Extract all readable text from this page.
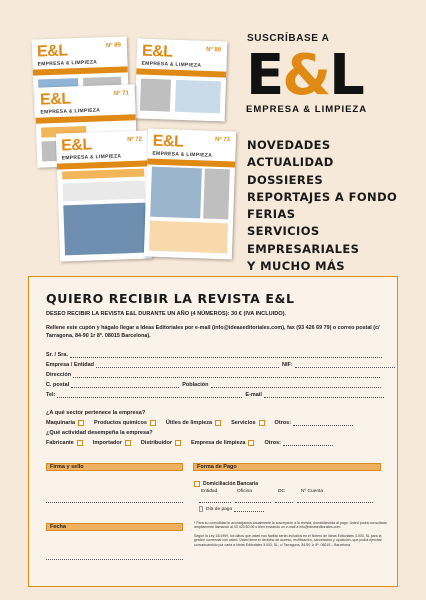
E&L
EMPRESA & LIMPIEZA
Nº 89 E&L
EMPRESA & LIMPIEZA
Nº 88
E&L
EMPRESA & LIMPIEZA
Nº 71
E&L
EMPRESA & LIMPIEZA
Nº 72 E&L
EMPRESA & LIMPIEZA
Nº 73
SUSCRÍBASE A
E&L
EMPRESA & LIMPIEZA
NOVEDADES
ACTUALIDAD
DOSSIERES
REPORTAJES A FONDO
FERIAS
SERVICIOS EMPRESARIALES
Y MUCHO MÁS
QUIERO RECIBIR LA REVISTA E&L
DESEO RECIBIR LA REVISTA E&L DURANTE UN AÑO (4 NÚMEROS): 30 € (IVA INCLUIDO).
Rellene este cupón y hágalo llegar a Ideas Editoriales por e-mail (info@ideaseditoriales.com), fax (93 426 69 79) o correo postal (c/ Tarragona, 84-90 1r 8ª. 08015 Barcelona).
Sr. / Sra.
Empresa / Entidad	NIF:
Dirección
C. postal	Población
Tel:	E-mail
¿A qué sector pertenece la empresa?
Maquinaria	Productos químicos	Útiles de limpieza	Servicios	Otros:
¿Qué actividad desempeña la empresa?
Fabricante	Importador	Distribuidor	Empresa de limpieza	Otros:
Firma y sello	Forma de Pago
Domiciliación Bancaria
Entidad	Oficina	DC	Nº Cuenta
Día de pago
* Para su comodidad le aconsejamos anualmente la suscripción a la revista, domiciliándola al pago. Usted podrá consultarla ampliamente llamando al 93 423 80 06 o bien enviando un e-mail a info@ideaseditoriales.com
Según la Ley 15/1999, los datos que usted nos facilita serán incluidos en el fichero de Ideas Editoriales 3.003, SL para la gestión comercial con usted. Usted tiene el derecho de acceso, rectificación, cancelación y oposición, que podrá ejercitar comunicándolo por carta a Ideas Editoriales 3.003, SL, c/ Tarragona, 84-90 1r 8ª. 08015 – Barcelona.
Fecha
